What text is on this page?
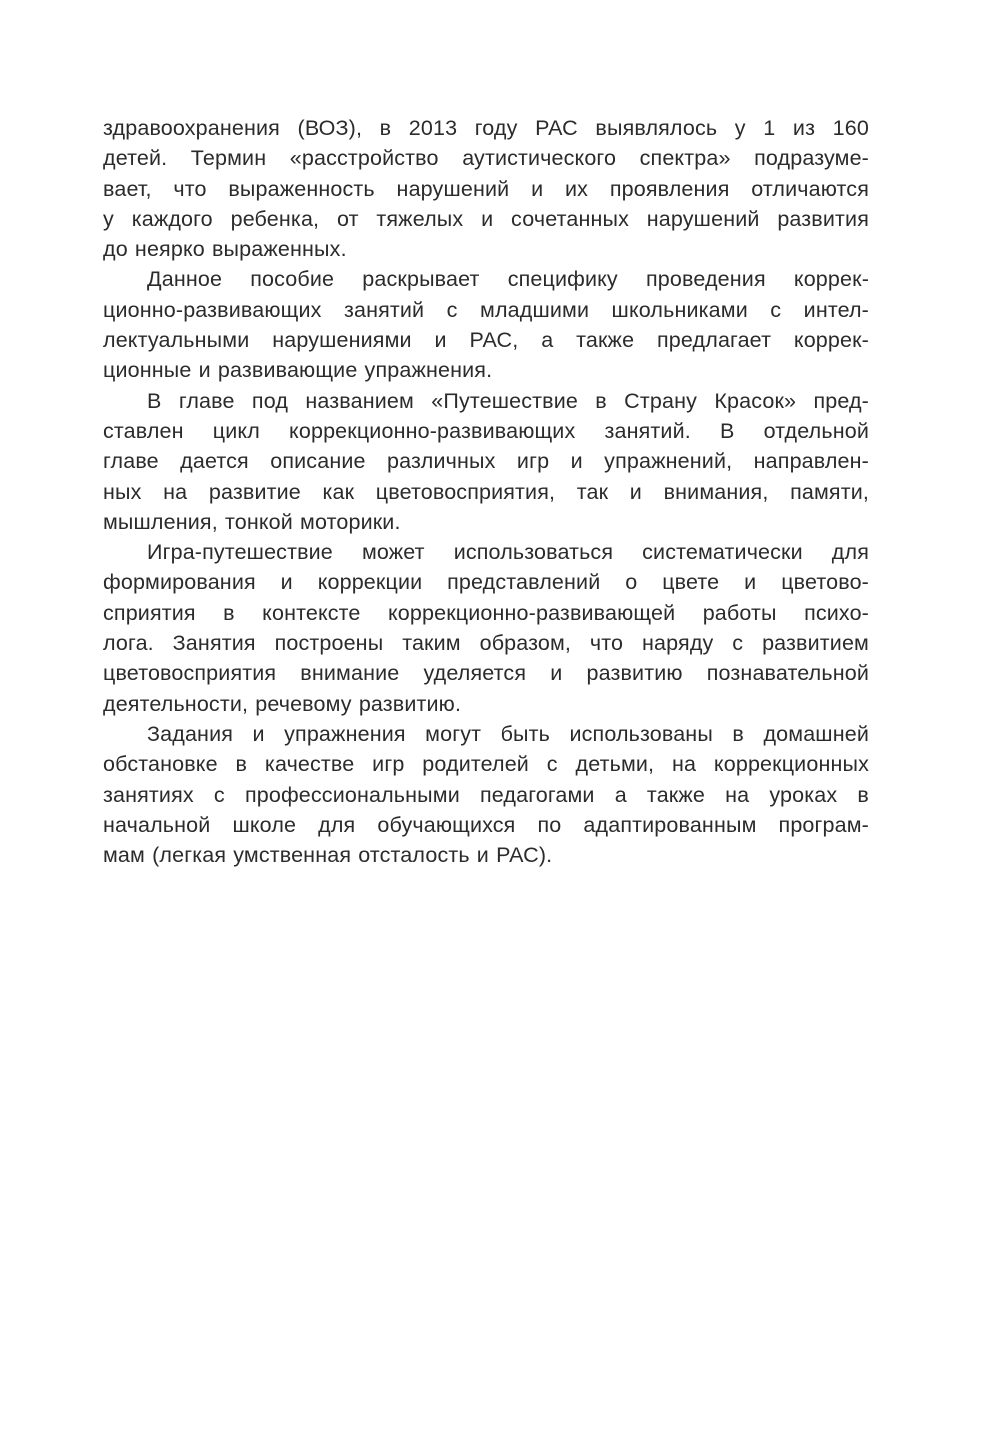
здравоохранения (ВОЗ), в 2013 году РАС выявлялось у 1 из 160
детей. Термин «расстройство аутистического спектра» подразуме-
вает, что выраженность нарушений и их проявления отличаются
у каждого ребенка, от тяжелых и сочетанных нарушений развития
до неярко выраженных.
Данное пособие раскрывает специфику проведения коррек-
ционно-развивающих занятий с младшими школьниками с интел-
лектуальными нарушениями и РАС, а также предлагает коррек-
ционные и развивающие упражнения.
В главе под названием «Путешествие в Страну Красок» пред-
ставлен цикл коррекционно-развивающих занятий. В отдельной
главе дается описание различных игр и упражнений, направлен-
ных на развитие как цветовосприятия, так и внимания, памяти,
мышления, тонкой моторики.
Игра-путешествие может использоваться систематически для
формирования и коррекции представлений о цвете и цветово-
сприятия в контексте коррекционно-развивающей работы психо-
лога. Занятия построены таким образом, что наряду с развитием
цветовосприятия внимание уделяется и развитию познавательной
деятельности, речевому развитию.
Задания и упражнения могут быть использованы в домашней
обстановке в качестве игр родителей с детьми, на коррекционных
занятиях с профессиональными педагогами а также на уроках в
начальной школе для обучающихся по адаптированным програм-
мам (легкая умственная отсталость и РАС).
